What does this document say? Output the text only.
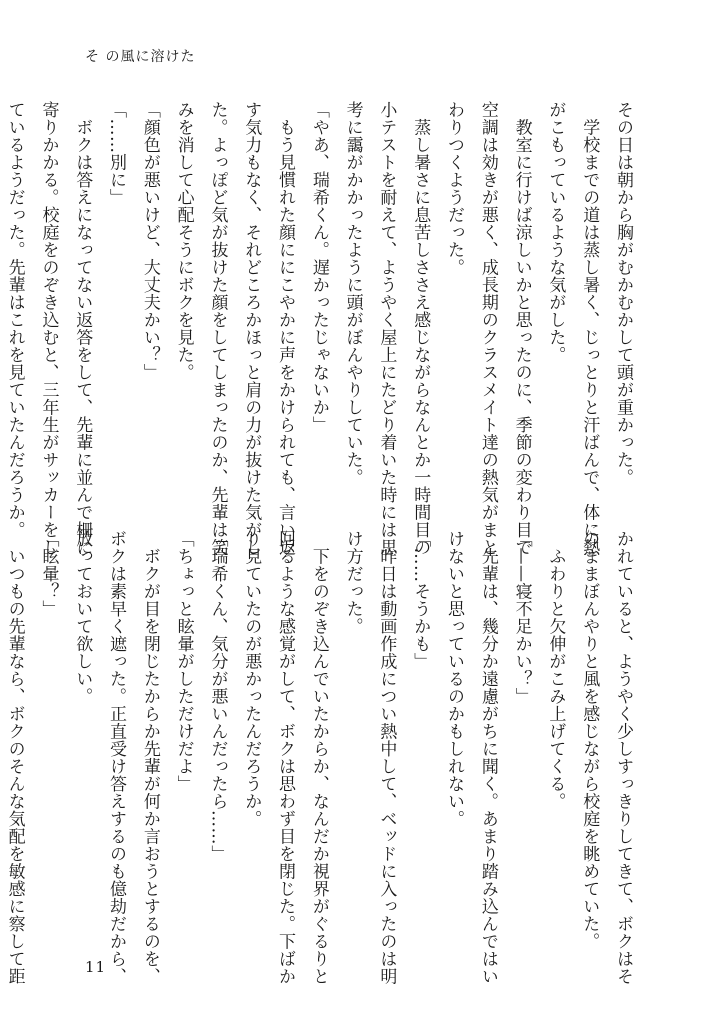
そ の風に溶けた
その日は朝から胸がむかむかして頭が重かった。
　学校までの道は蒸し暑く、じっとりと汗ばんで、体に熱
がこもっているような気がした。
　教室に行けば涼しいかと思ったのに、季節の変わり目で
空調は効きが悪く、成長期のクラスメイト達の熱気がまと
わりつくようだった。
　蒸し暑さに息苦しささえ感じながらなんとか一時間目の
小テストを耐えて、ようやく屋上にたどり着いた時には思
考に靄がかかったように頭がぼんやりしていた。
「やあ、瑞希くん。遅かったじゃないか」
　もう見慣れた顔ににこやかに声をかけられても、言い返
す気力もなく、それどころかほっと肩の力が抜けた気がし
た。よっぽど気が抜けた顔をしてしまったのか、先輩は笑
みを消して心配そうにボクを見た。
「顔色が悪いけど、大丈夫かい？」
「……別に」
　ボクは答えになってない返答をして、先輩に並んで柵に
寄りかかる。校庭をのぞき込むと、三年生がサッカーをし
ているようだった。先輩はこれを見ていたんだろうか。
かれていると、ようやく少しすっきりしてきて、ボクはそ
のままぼんやりと風を感じながら校庭を眺めていた。
　ふわりと欠伸がこみ上げてくる。
「——寝不足かい？」
　先輩は、幾分か遠慮がちに聞く。あまり踏み込んではい
けないと思っているのかもしれない。
「……そうかも」
　昨日は動画作成につい熱中して、ベッドに入ったのは明
け方だった。
　下をのぞき込んでいたからか、なんだか視界がぐるりと
回るような感覚がして、ボクは思わず目を閉じた。下ばか
り見ていたのが悪かったんだろうか。
「瑞希くん、気分が悪いんだったら……」
「ちょっと眩暈がしただけだよ」
　ボクが目を閉じたからか先輩が何か言おうとするのを、
ボクは素早く遮った。正直受け答えするのも億劫だから、
放っておいて欲しい。
「眩暈？」
　いつもの先輩なら、ボクのそんな気配を敏感に察して距	11
